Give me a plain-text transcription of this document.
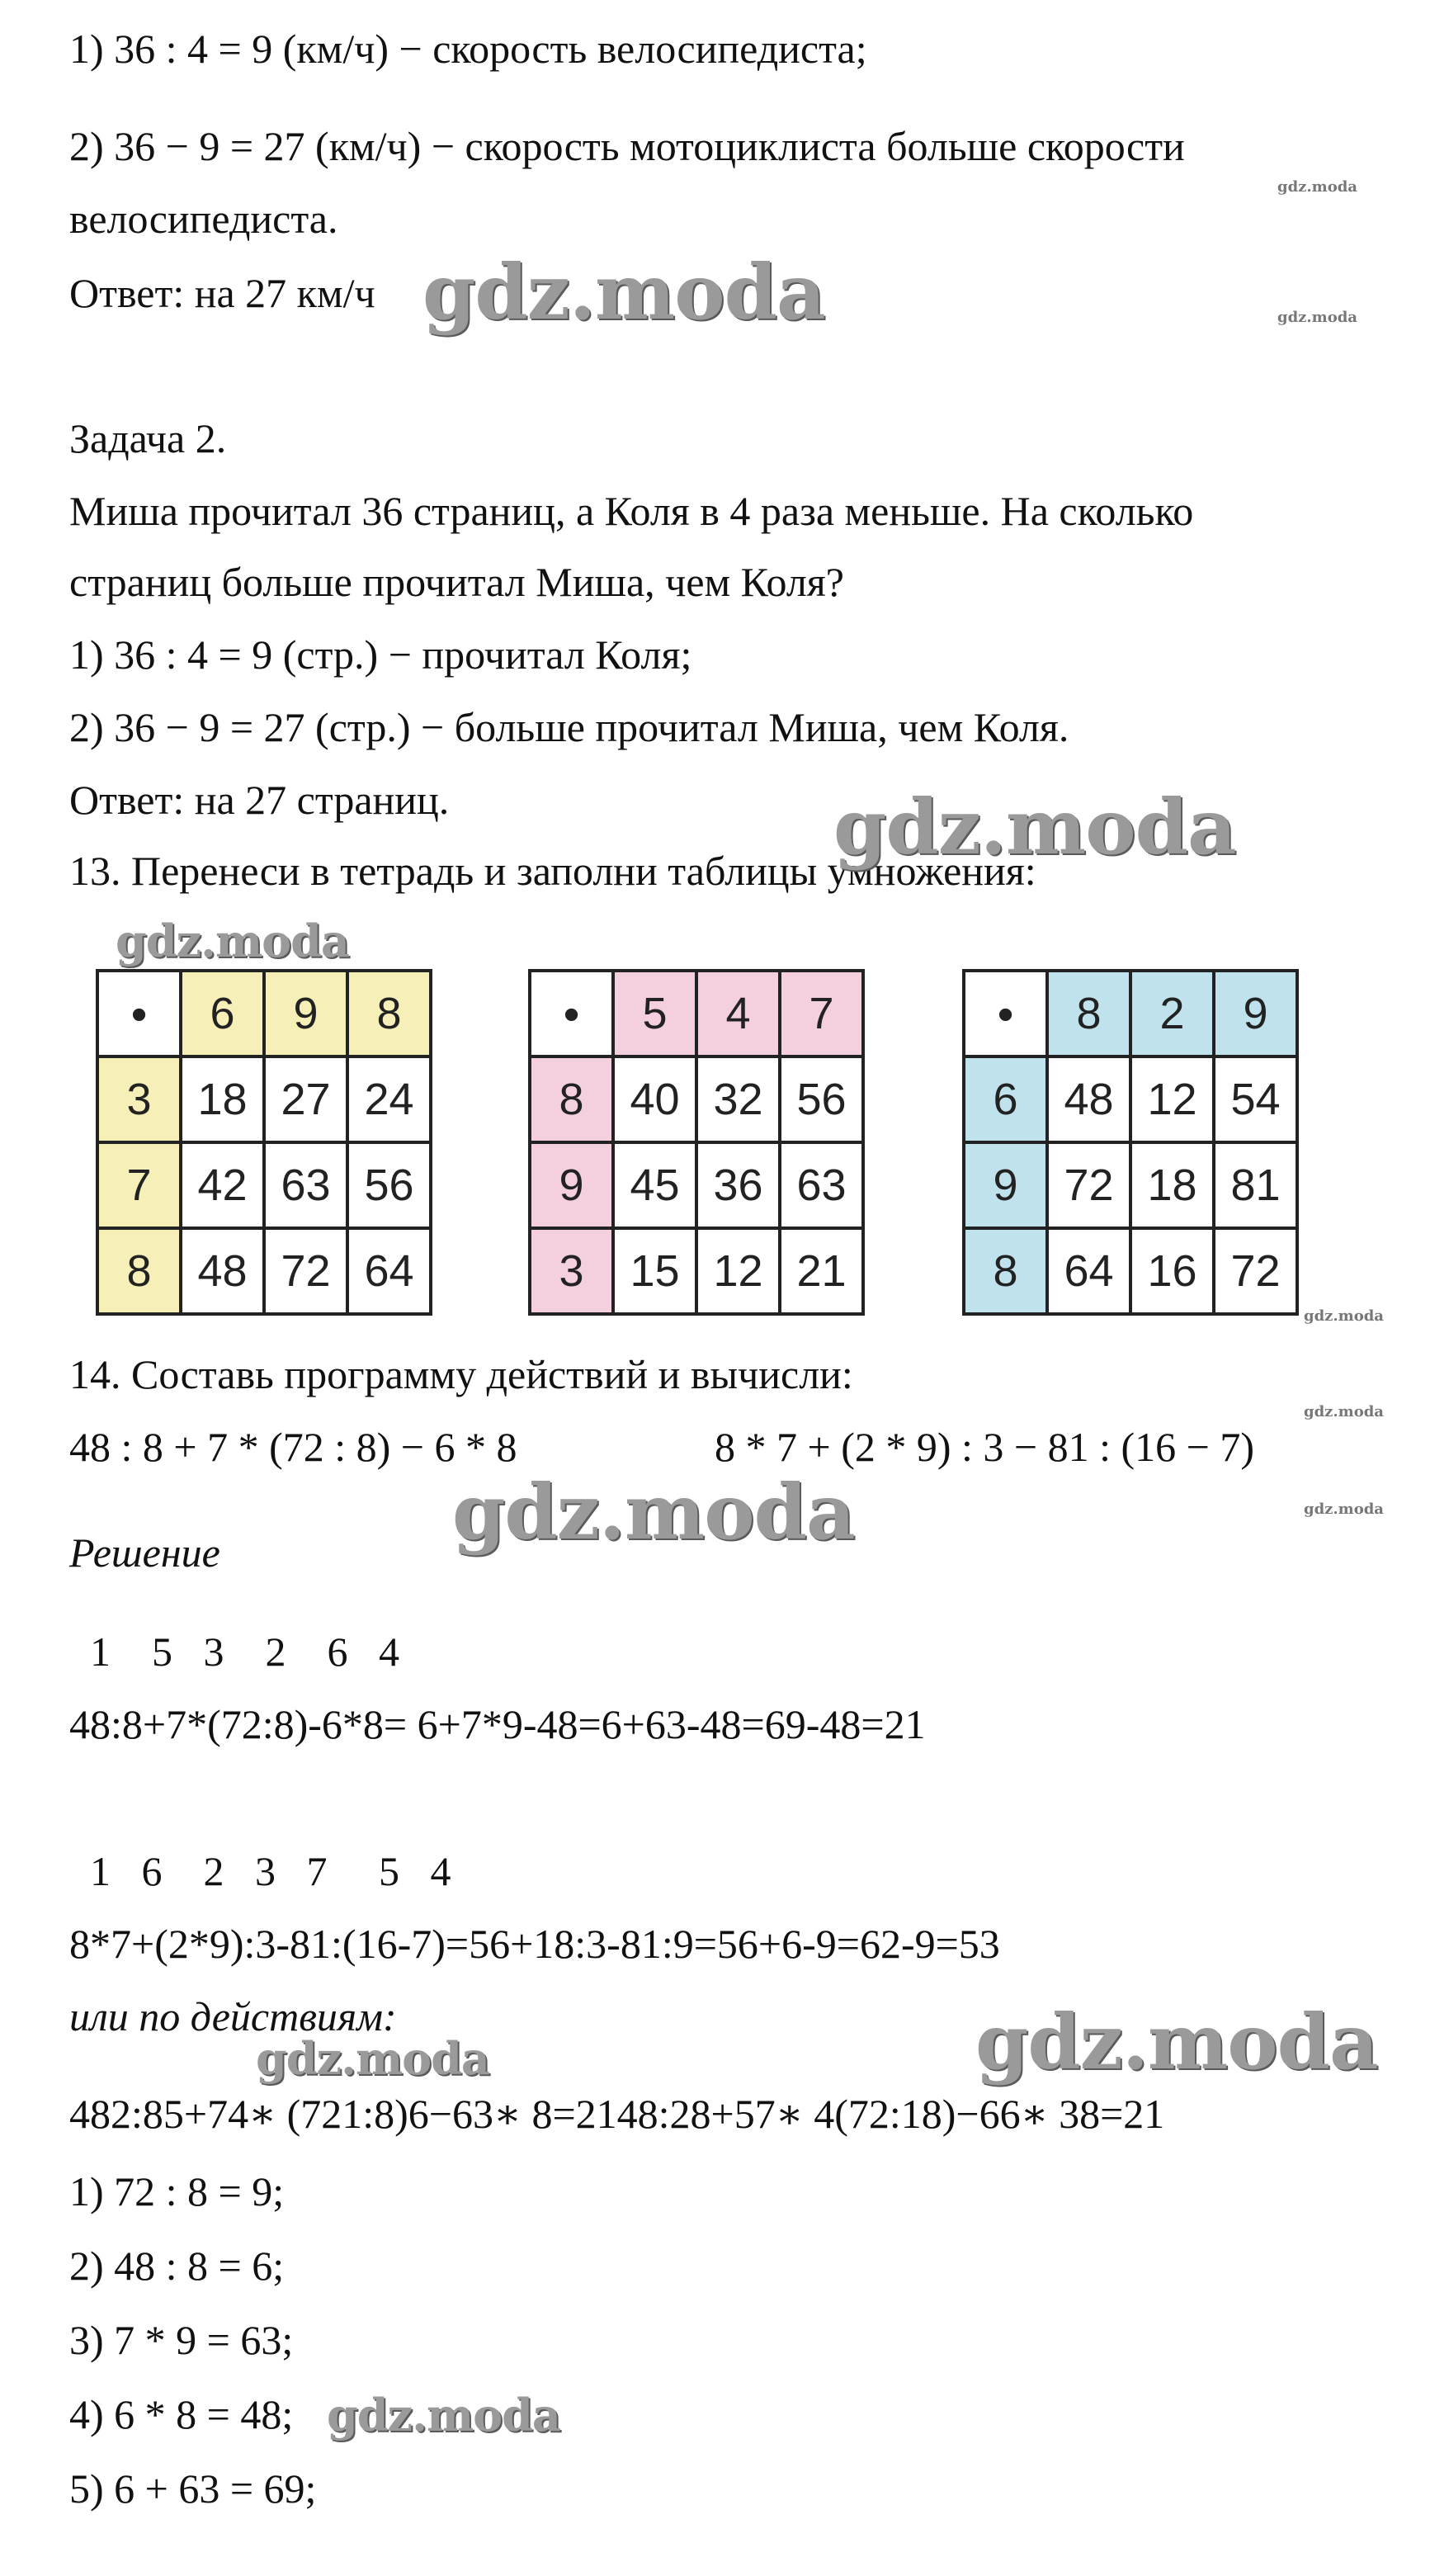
1) 36 : 4 = 9 (км/ч) − скорость велосипедиста;
2) 36 − 9 = 27 (км/ч) − скорость мотоциклиста больше скорости
велосипедиста.
Ответ: на 27 км/ч
Задача 2.
Миша прочитал 36 страниц, а Коля в 4 раза меньше. На сколько
страниц больше прочитал Миша, чем Коля?
1) 36 : 4 = 9 (стр.) − прочитал Коля;
2) 36 − 9 = 27 (стр.) − больше прочитал Миша, чем Коля.
Ответ: на 27 страниц.
13. Перенеси в тетрадь и заполни таблицы умножения:
•	6	9	8
3	18	27	24
7	42	63	56
8	48	72	64
•	5	4	7
8	40	32	56
9	45	36	63
3	15	12	21
•	8	2	9
6	48	12	54
9	72	18	81
8	64	16	72
14. Составь программу действий и вычисли:
48 : 8 + 7 * (72 : 8) − 6 * 8	8 * 7 + (2 * 9) : 3 − 81 : (16 − 7)
Решение
1    5   3    2    6   4
48:8+7*(72:8)-6*8= 6+7*9-48=6+63-48=69-48=21
1   6    2   3   7     5   4
8*7+(2*9):3-81:(16-7)=56+18:3-81:9=56+6-9=62-9=53
или по действиям:
482:85+74∗ (721:8)6−63∗ 8=2148:28+57∗ 4(72:18)−66∗ 38=21
1) 72 : 8 = 9;
2) 48 : 8 = 6;
3) 7 * 9 = 63;
4) 6 * 8 = 48;
5) 6 + 63 = 69;
gdz.moda
gdz.moda
gdz.moda
gdz.moda
gdz.moda
gdz.moda
gdz.moda
gdz.moda
gdz.moda
gdz.moda
gdz.moda
gdz.moda
